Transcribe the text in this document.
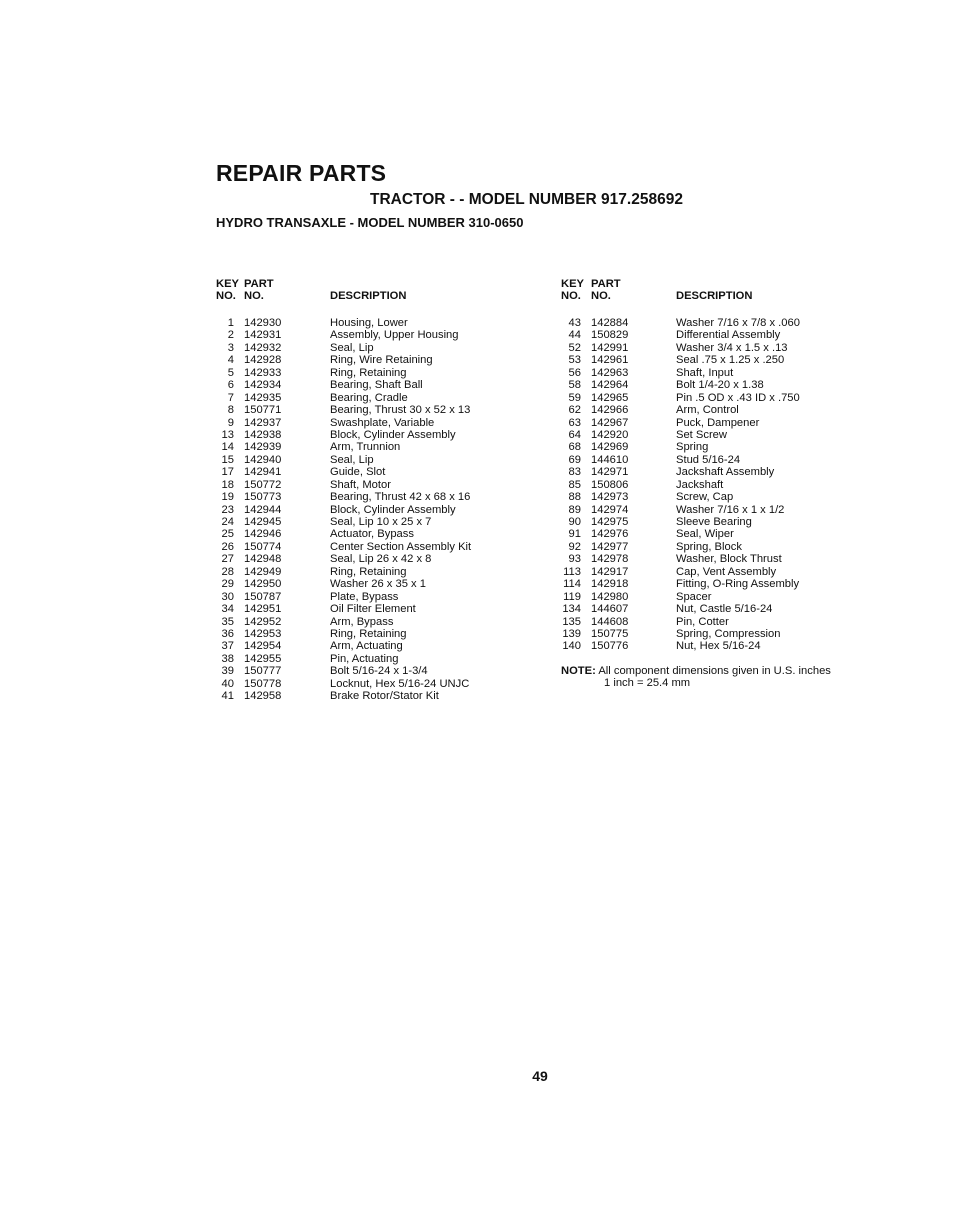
REPAIR PARTS
TRACTOR - - MODEL NUMBER 917.258692
HYDRO TRANSAXLE - MODEL NUMBER 310-0650
KEY
NO.
PART
NO.	DESCRIPTION
1 142930	Housing, Lower
2 142931	Assembly, Upper Housing
3 142932	Seal, Lip
4 142928	Ring, Wire Retaining
5 142933	Ring, Retaining
6 142934	Bearing, Shaft Ball
7 142935	Bearing, Cradle
8 150771	Bearing, Thrust 30 x 52 x 13
9 142937	Swashplate, Variable
13 142938	Block, Cylinder Assembly
14 142939	Arm, Trunnion
15 142940	Seal, Lip
17 142941	Guide, Slot
18 150772	Shaft, Motor
19 150773	Bearing, Thrust 42 x 68 x 16
23 142944	Block, Cylinder Assembly
24 142945	Seal, Lip 10 x 25 x 7
25 142946	Actuator, Bypass
26 150774	Center Section Assembly Kit
27 142948	Seal, Lip 26 x 42 x 8
28 142949	Ring, Retaining
29 142950	Washer 26 x 35 x 1
30 150787	Plate, Bypass
34 142951	Oil Filter Element
35 142952	Arm, Bypass
36 142953	Ring, Retaining
37 142954	Arm, Actuating
38 142955	Pin, Actuating
39 150777	Bolt 5/16-24 x 1-3/4
40 150778	Locknut, Hex 5/16-24 UNJC
41 142958	Brake Rotor/Stator Kit
KEY
NO.
PART
NO.	DESCRIPTION
43 142884	Washer 7/16 x 7/8 x .060
44 150829	Differential Assembly
52 142991	Washer 3/4 x 1.5 x .13
53 142961	Seal .75 x 1.25 x .250
56 142963	Shaft, Input
58 142964	Bolt 1/4-20 x 1.38
59 142965	Pin .5 OD x .43 ID x .750
62 142966	Arm, Control
63 142967	Puck, Dampener
64 142920	Set Screw
68 142969	Spring
69 144610	Stud 5/16-24
83 142971	Jackshaft Assembly
85 150806	Jackshaft
88 142973	Screw, Cap
89 142974	Washer 7/16 x 1 x 1/2
90 142975	Sleeve Bearing
91 142976	Seal, Wiper
92 142977	Spring, Block
93 142978	Washer, Block Thrust
113 142917	Cap, Vent Assembly
114 142918	Fitting, O-Ring Assembly
119 142980	Spacer
134 144607	Nut, Castle 5/16-24
135 144608	Pin, Cotter
139 150775	Spring, Compression
140 150776	Nut, Hex 5/16-24
NOTE: All component dimensions given in U.S. inches
1 inch = 25.4 mm
49
